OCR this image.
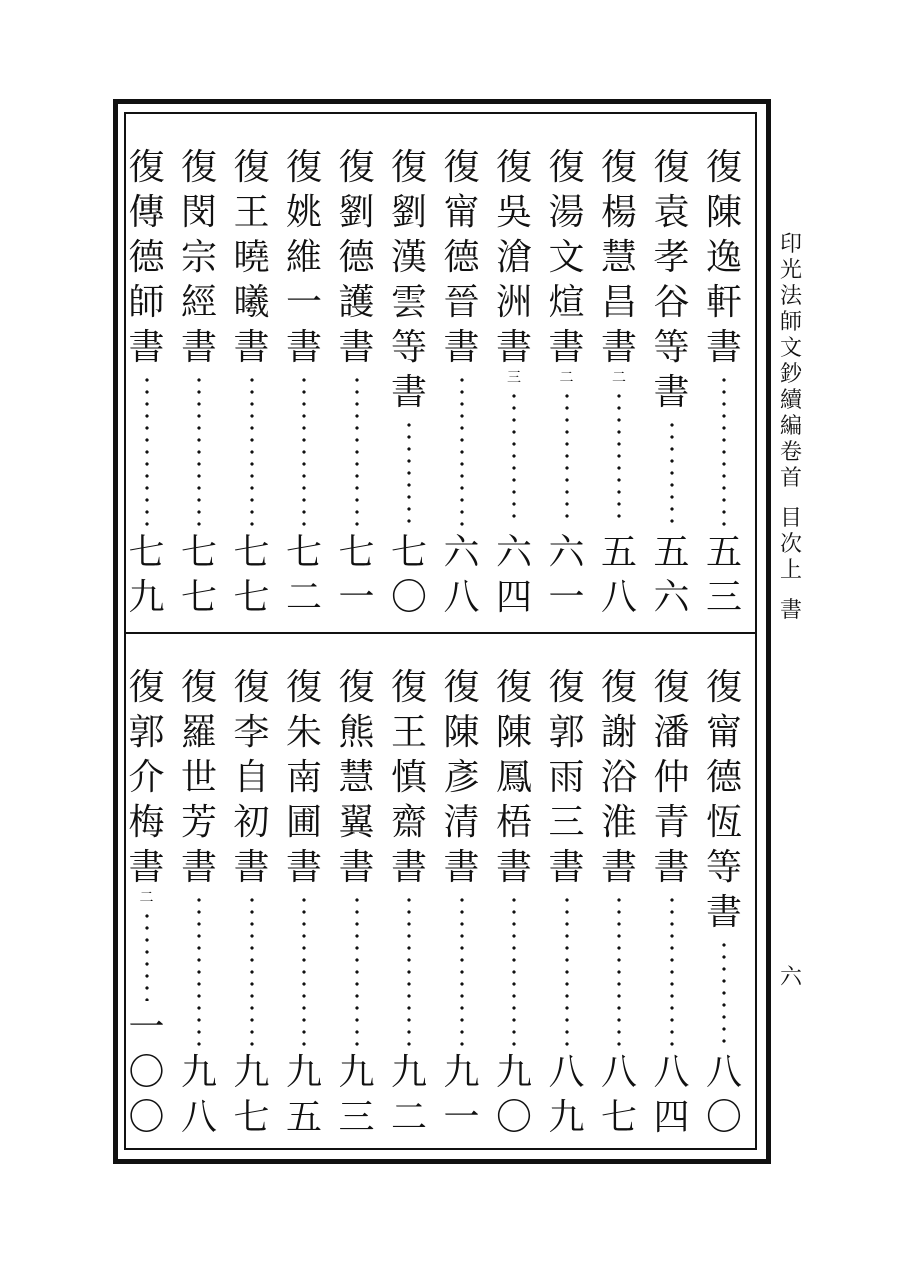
復
陳
逸
軒
書
五
三
復
袁
孝
谷
等
書
五
六
復
楊
慧
昌
書
二
五
八
復
湯
文
煊
書
二
六
一
復
吳
滄
洲
書
三
六
四
復
甯
德
晉
書
六
八
復
劉
漢
雲
等
書
七
〇
復
劉
德
護
書
七
一
復
姚
維
一
書
七
二
復
王
曉
曦
書
七
七
復
閔
宗
經
書
七
七
復
傳
德
師
書
七
九
復
甯
德
恆
等
書
八
〇
復
潘
仲
青
書
八
四
復
謝
浴
淮
書
八
七
復
郭
雨
三
書
八
九
復
陳
鳳
梧
書
九
〇
復
陳
彥
清
書
九
一
復
王
慎
齋
書
九
二
復
熊
慧
翼
書
九
三
復
朱
南
圃
書
九
五
復
李
自
初
書
九
七
復
羅
世
芳
書
九
八
復
郭
介
梅
書
二
一
〇
〇
印
光
法
師
文
鈔
續
編
卷
首
目
次
上
書
六
